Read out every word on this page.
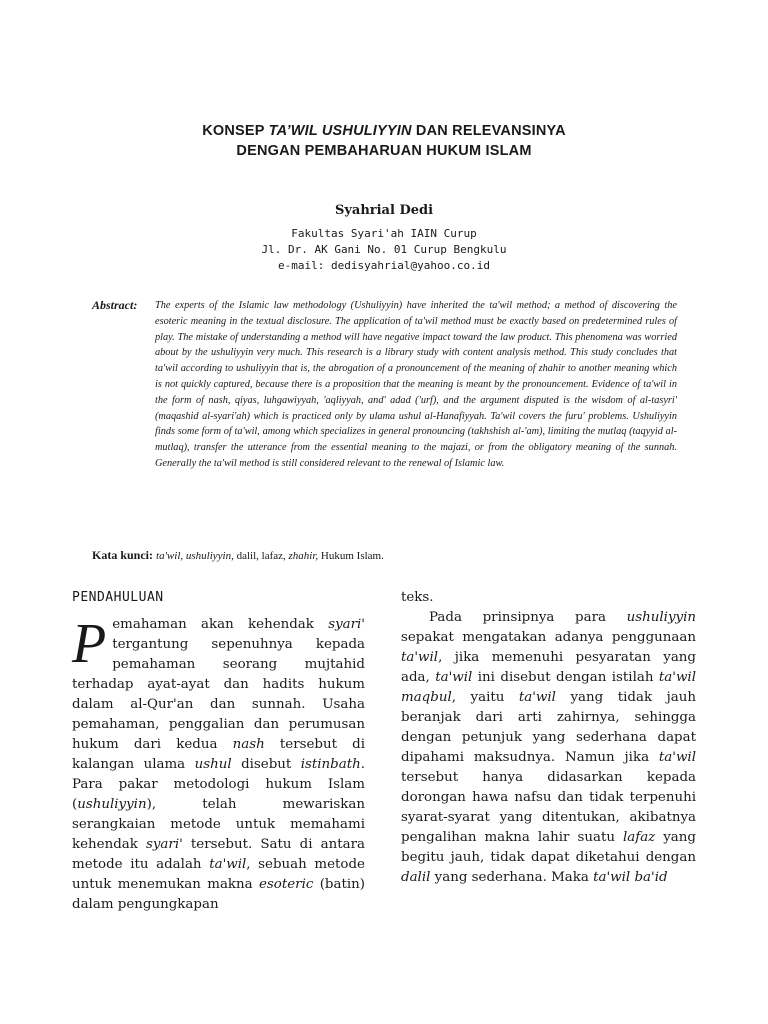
KONSEP TA’WIL USHULIYYIN DAN RELEVANSINYA
DENGAN PEMBAHARUAN HUKUM ISLAM
Syahrial Dedi
Fakultas Syari'ah IAIN Curup
Jl. Dr. AK Gani No. 01 Curup Bengkulu
e-mail: dedisyahrial@yahoo.co.id
Abstract: The experts of the Islamic law methodology (Ushuliyyin) have inherited the ta'wil method; a method of discovering the esoteric meaning in the textual disclosure. The application of ta'wil method must be exactly based on predetermined rules of play. The mistake of understanding a method will have negative impact toward the law product. This phenomena was worried about by the ushuliyyin very much. This research is a library study with content analysis method. This study concludes that ta'wil according to ushuliyyin that is, the abrogation of a pronouncement of the meaning of zhahir to another meaning which is not quickly captured, because there is a proposition that the meaning is meant by the pronouncement. Evidence of ta'wil in the form of nash, qiyas, luhgawiyyah, 'aqliyyah, and' adad ('urf), and the argument disputed is the wisdom of al-tasyri' (maqashid al-syari'ah) which is practiced only by ulama ushul al-Hanafiyyah. Ta'wil covers the furu' problems. Ushuliyyin finds some form of ta'wil, among which specializes in general pronouncing (takhshish al-'am), limiting the mutlaq (taqyyid al-mutlaq), transfer the utterance from the essential meaning to the majazi, or from the obligatory meaning of the sunnah. Generally the ta'wil method is still considered relevant to the renewal of Islamic law.
Kata kunci: ta'wil, ushuliyyin, dalil, lafaz, zhahir, Hukum Islam.
PENDAHULUAN

Pemahaman akan kehendak syari' tergantung sepenuhnya kepada pemahaman seorang mujtahid terhadap ayat-ayat dan hadits hukum dalam al-Qur'an dan sunnah. Usaha pemahaman, penggalian dan perumusan hukum dari kedua nash tersebut di kalangan ulama ushul disebut istinbath. Para pakar metodologi hukum Islam (ushuliyyin), telah mewariskan serangkaian metode untuk memahami kehendak syari' tersebut. Satu di antara metode itu adalah ta'wil, sebuah metode untuk menemukan makna esoteric (batin) dalam pengungkapan

teks.

Pada prinsipnya para ushuliyyin sepakat mengatakan adanya penggunaan ta'wil, jika memenuhi pesyaratan yang ada, ta'wil ini disebut dengan istilah ta'wil maqbul, yaitu ta'wil yang tidak jauh beranjak dari arti zahirnya, sehingga dengan petunjuk yang sederhana dapat dipahami maksudnya. Namun jika ta'wil tersebut hanya didasarkan kepada dorongan hawa nafsu dan tidak terpenuhi syarat-syarat yang ditentukan, akibatnya pengalihan makna lahir suatu lafaz yang begitu jauh, tidak dapat diketahui dengan dalil yang sederhana. Maka ta'wil ba'id
